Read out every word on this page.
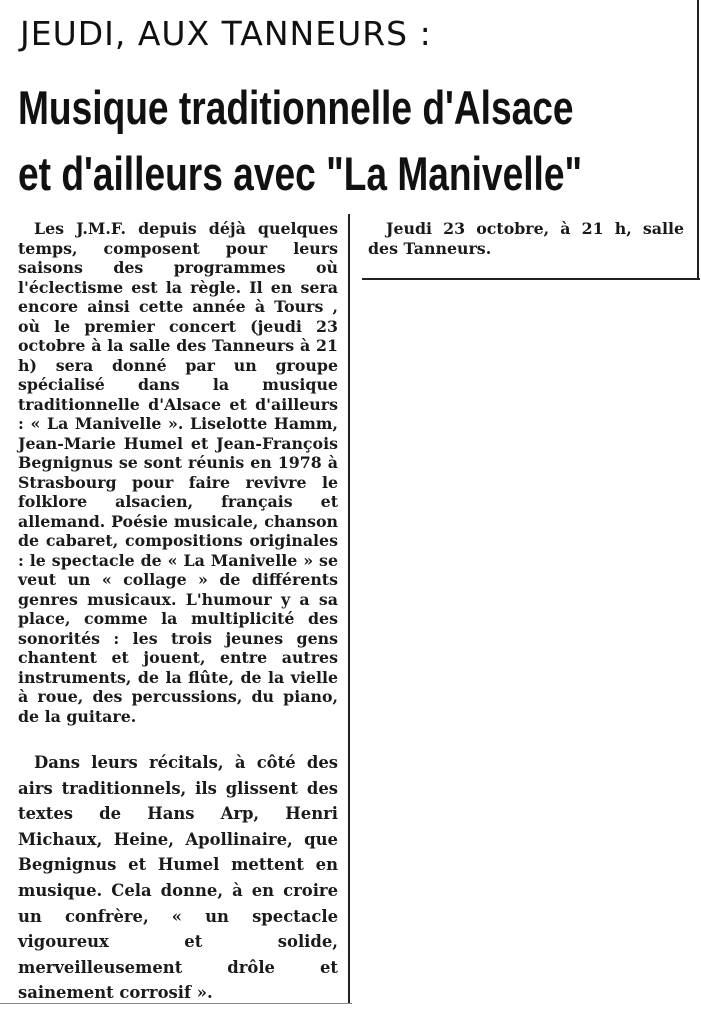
JEUDI, AUX TANNEURS :
Musique traditionnelle d'Alsace
et d'ailleurs avec "La Manivelle"

Les J.M.F. depuis déjà quelques temps, composent pour leurs saisons des programmes où l'éclectisme est la règle. Il en sera encore ainsi cette année à Tours , où le premier concert (jeudi 23 octobre à la salle des Tanneurs à 21 h) sera donné par un groupe spécialisé dans la musique traditionnelle d'Alsace et d'ailleurs : « La Manivelle ». Liselotte Hamm, Jean-Marie Humel et Jean-François Begnignus se sont réunis en 1978 à Strasbourg pour faire revivre le folklore alsacien, français et allemand. Poésie musicale, chanson de cabaret, compositions originales : le spectacle de « La Manivelle » se veut un « collage » de différents genres musicaux. L'humour y a sa place, comme la multiplicité des sonorités : les trois jeunes gens chantent et jouent, entre autres instruments, de la flûte, de la vielle à roue, des percussions, du piano, de la guitare.

Dans leurs récitals, à côté des airs traditionnels, ils glissent des textes de Hans Arp, Henri Michaux, Heine, Apollinaire, que Begnignus et Humel mettent en musique. Cela donne, à en croire un confrère, « un spectacle vigoureux et solide, merveilleusement drôle et sainement corrosif ».

Jeudi 23 octobre, à 21 h, salle des Tanneurs.
